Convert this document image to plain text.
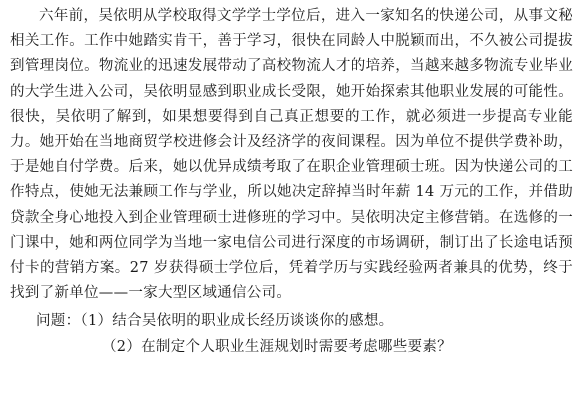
六年前，吴依明从学校取得文学学士学位后，进入一家知名的快递公司，从事文秘相关工作。工作中她踏实肯干，善于学习，很快在同龄人中脱颖而出，不久被公司提拔到管理岗位。物流业的迅速发展带动了高校物流人才的培养，当越来越多物流专业毕业的大学生进入公司，吴依明显感到职业成长受限，她开始探索其他职业发展的可能性。很快，吴依明了解到，如果想要得到自己真正想要的工作，就必须进一步提高专业能力。她开始在当地商贸学校进修会计及经济学的夜间课程。因为单位不提供学费补助，于是她自付学费。后来，她以优异成绩考取了在职企业管理硕士班。因为快递公司的工作特点，使她无法兼顾工作与学业，所以她决定辞掉当时年薪 14 万元的工作，并借助贷款全身心地投入到企业管理硕士进修班的学习中。吴依明决定主修营销。在选修的一门课中，她和两位同学为当地一家电信公司进行深度的市场调研，制订出了长途电话预付卡的营销方案。27 岁获得硕士学位后，凭着学历与实践经验两者兼具的优势，终于找到了新单位——一家大型区域通信公司。

问题：（1）结合吴依明的职业成长经历谈谈你的感想。

（2）在制定个人职业生涯规划时需要考虑哪些要素？
